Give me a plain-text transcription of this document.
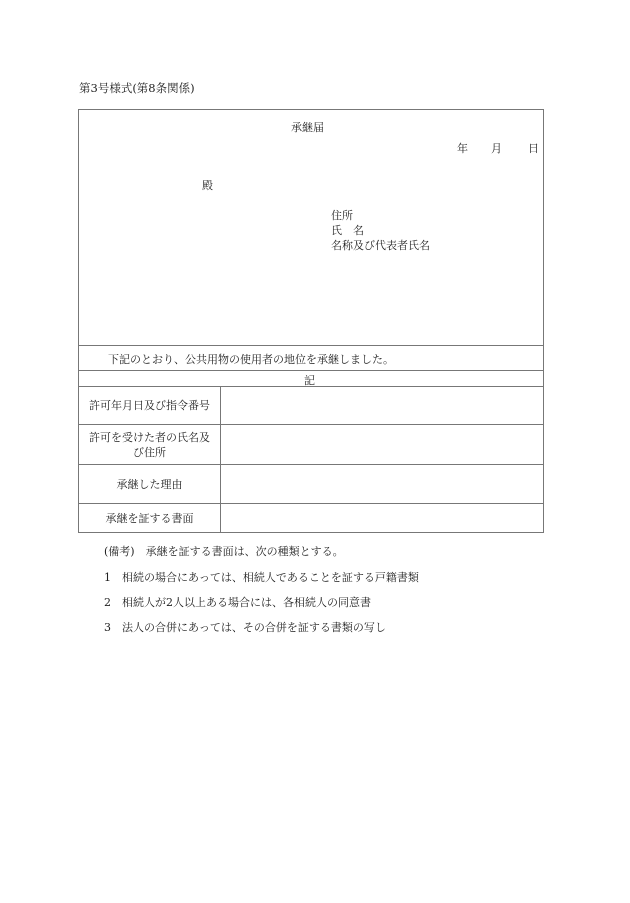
第3号様式(第8条関係)
承継届
年 月 日
殿
住所
氏　名
名称及び代表者氏名
下記のとおり、公共用物の使用者の地位を承継しました。
記
許可年月日及び指令番号
許可を受けた者の氏名及
び住所
承継した理由
承継を証する書面
(備考)　承継を証する書面は、次の種類とする。
1　相続の場合にあっては、相続人であることを証する戸籍書類
2　相続人が2人以上ある場合には、各相続人の同意書
3　法人の合併にあっては、その合併を証する書類の写し
